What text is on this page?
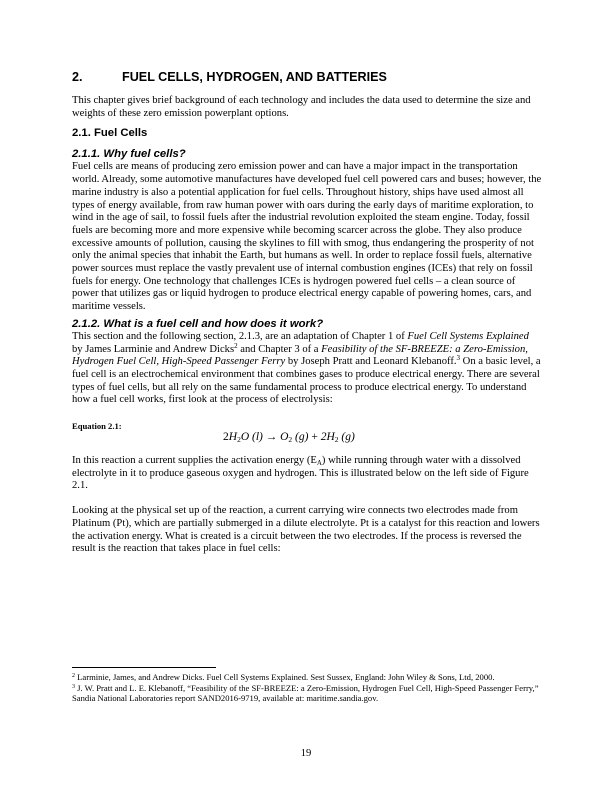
2.	FUEL CELLS, HYDROGEN, AND BATTERIES

This chapter gives brief background of each technology and includes the data used to determine the size and weights of these zero emission powerplant options.

2.1. Fuel Cells
2.1.1. Why fuel cells?

Fuel cells are means of producing zero emission power and can have a major impact in the transportation world. Already, some automotive manufactures have developed fuel cell powered cars and buses; however, the marine industry is also a potential application for fuel cells. Throughout history, ships have used almost all types of energy available, from raw human power with oars during the early days of maritime exploration, to wind in the age of sail, to fossil fuels after the industrial revolution exploited the steam engine. Today, fossil fuels are becoming more and more expensive while becoming scarcer across the globe. They also produce excessive amounts of pollution, causing the skylines to fill with smog, thus endangering the prosperity of not only the animal species that inhabit the Earth, but humans as well. In order to replace fossil fuels, alternative power sources must replace the vastly prevalent use of internal combustion engines (ICEs) that rely on fossil fuels for energy. One technology that challenges ICEs is hydrogen powered fuel cells – a clean source of power that utilizes gas or liquid hydrogen to produce electrical energy capable of powering homes, cars, and maritime vessels.

2.1.2. What is a fuel cell and how does it work?

This section and the following section, 2.1.3, are an adaptation of Chapter 1 of Fuel Cell Systems Explained by James Larminie and Andrew Dicks$^2$ and Chapter 3 of a Feasibility of the SF-BREEZE: a Zero-Emission, Hydrogen Fuel Cell, High-Speed Passenger Ferry by Joseph Pratt and Leonard Klebanoff.$^3$ On a basic level, a fuel cell is an electrochemical environment that combines gases to produce electrical energy. There are several types of fuel cells, but all rely on the same fundamental process to produce electrical energy. To understand how a fuel cell works, first look at the process of electrolysis:

Equation 2.1:
$2H_2O$ $(l) \to O_2$ $(g) + 2H_2$ (g)

In this reaction a current supplies the activation energy $(E_A)$ while running through water with a dissolved electrolyte in it to produce gaseous oxygen and hydrogen. This is illustrated below on the left side of Figure 2.1.

Looking at the physical set up of the reaction, a current carrying wire connects two electrodes made from Platinum (Pt), which are partially submerged in a dilute electrolyte. Pt is a catalyst for this reaction and lowers the activation energy. What is created is a circuit between the two electrodes. If the process is reversed the result is the reaction that takes place in fuel cells:

$^2$ Larminie, James, and Andrew Dicks. Fuel Cell Systems Explained. Sest Sussex, England: John Wiley & Sons, Ltd, 2000.

$^3$ J. W. Pratt and L. E. Klebanoff, “Feasibility of the SF-BREEZE: a Zero-Emission, Hydrogen Fuel Cell, High-Speed Passenger Ferry,” Sandia National Laboratories report SAND2016-9719, available at: maritime.sandia.gov.

19
